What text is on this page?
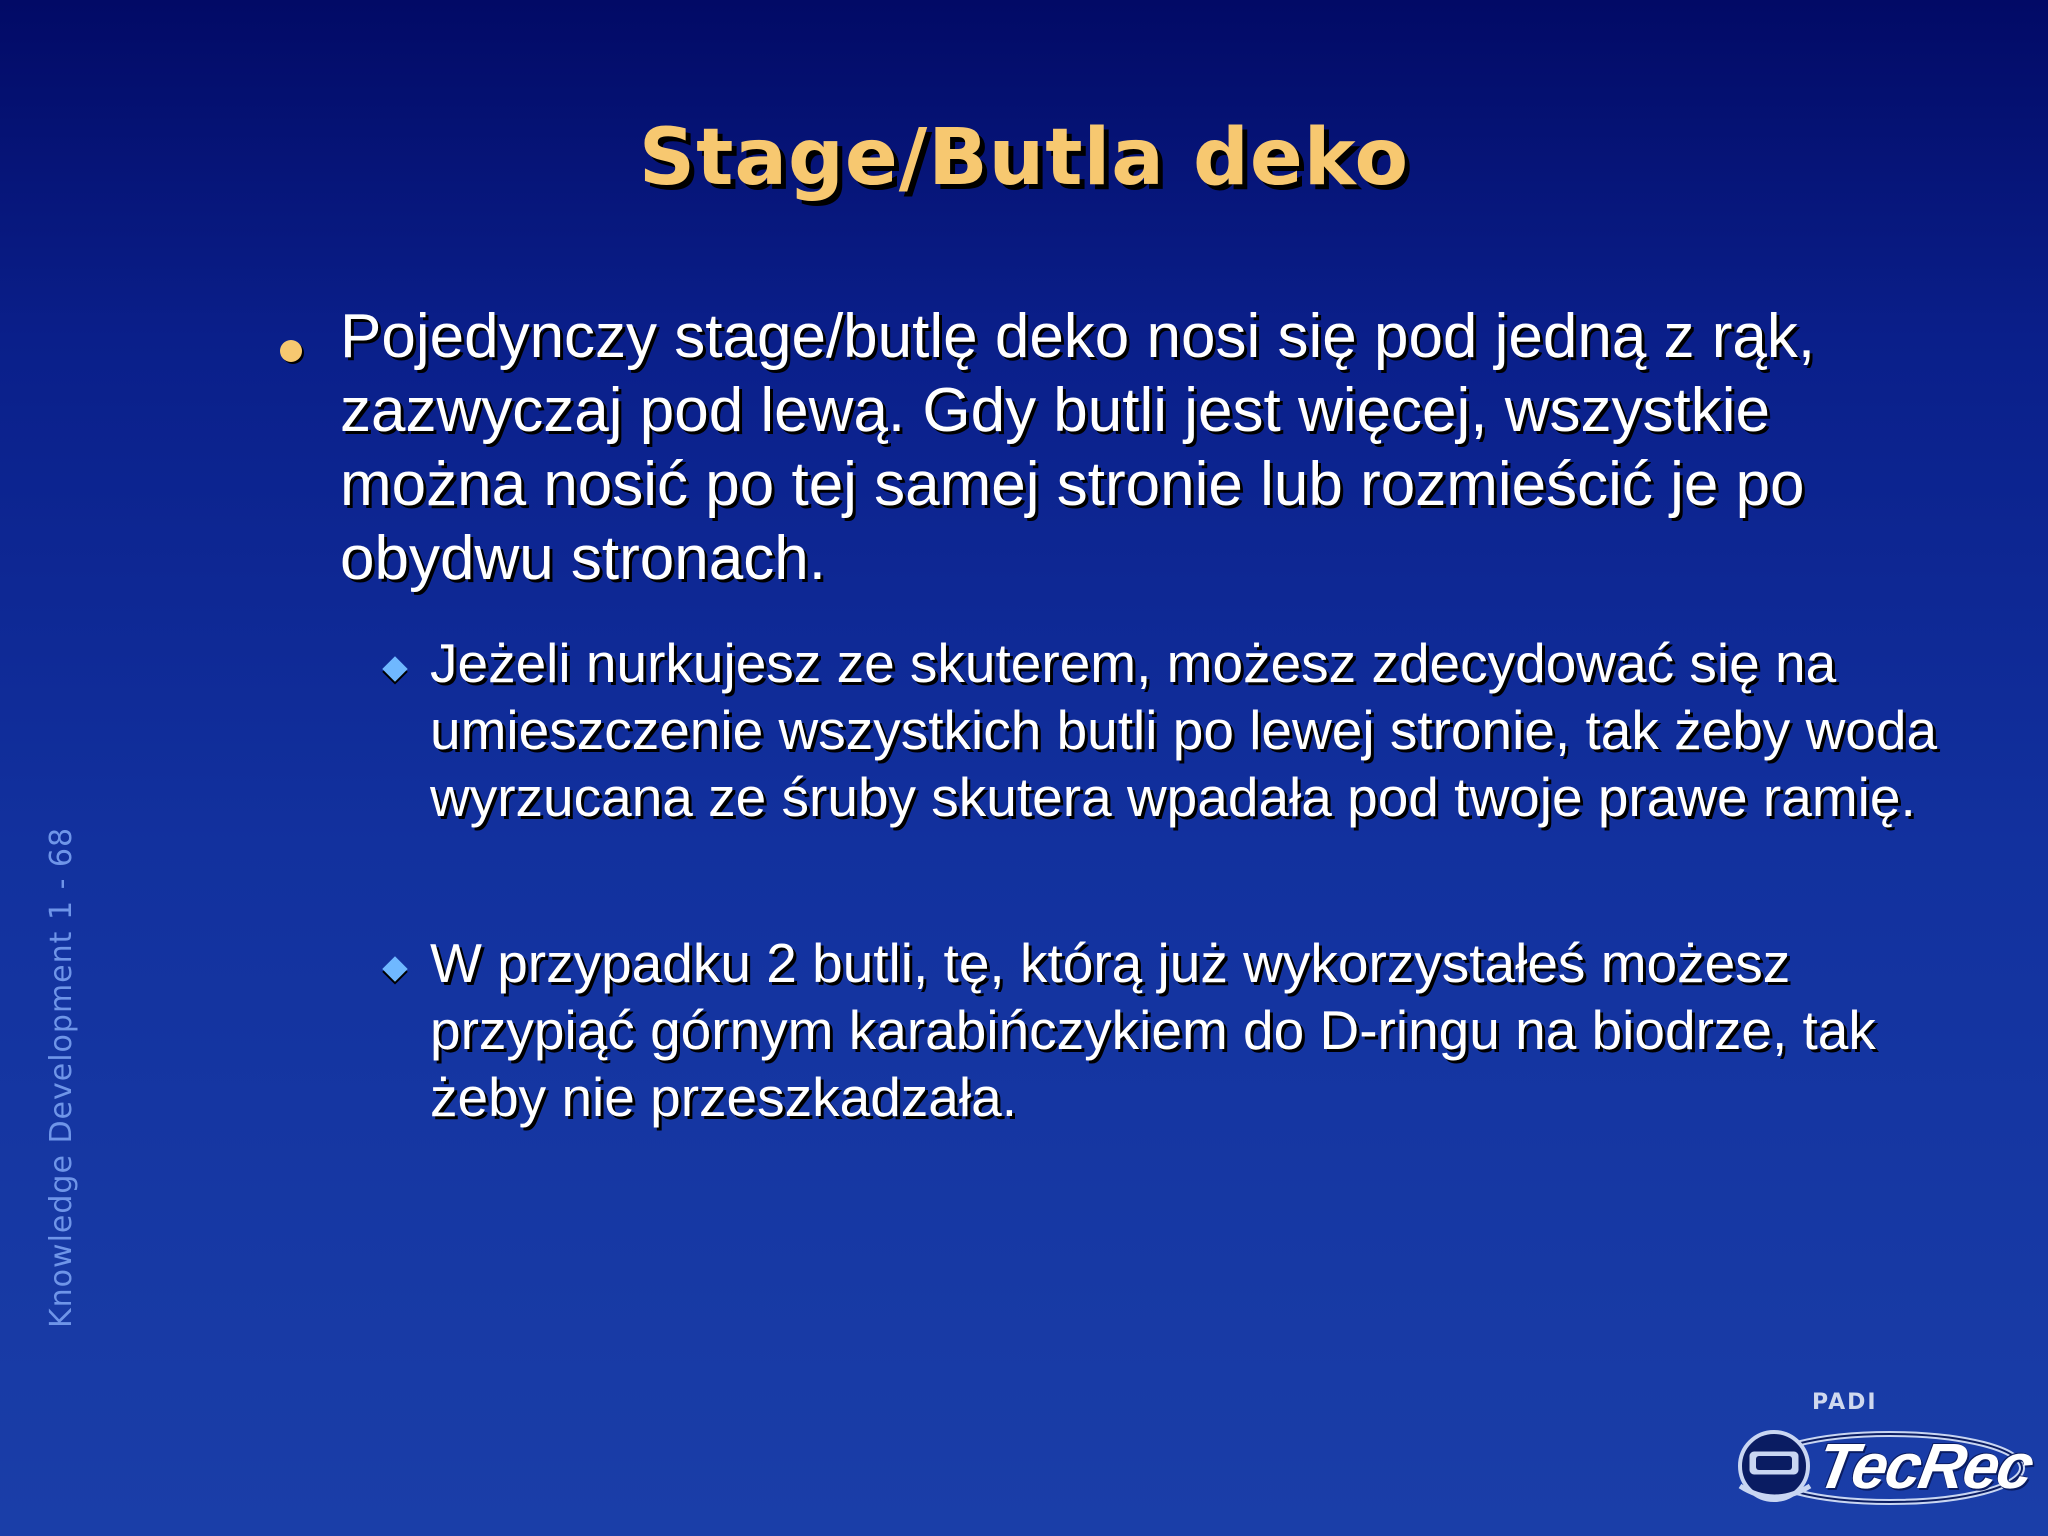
Stage/Butla deko
Pojedynczy stage/butlę deko nosi się pod jedną z rąk, zazwyczaj pod lewą. Gdy butli jest więcej, wszystkie można nosić po tej samej stronie lub rozmieścić je po obydwu stronach.
Jeżeli nurkujesz ze skuterem, możesz zdecydować się na umieszczenie wszystkich butli po lewej stronie, tak żeby woda wyrzucana ze śruby skutera wpadała pod twoje prawe ramię.
W przypadku 2 butli, tę, którą już wykorzystałeś możesz przypiąć górnym karabińczykiem do D-ringu na biodrze, tak żeby nie przeszkadzała.
Knowledge Development 1 - 68
PADI
TecRec
